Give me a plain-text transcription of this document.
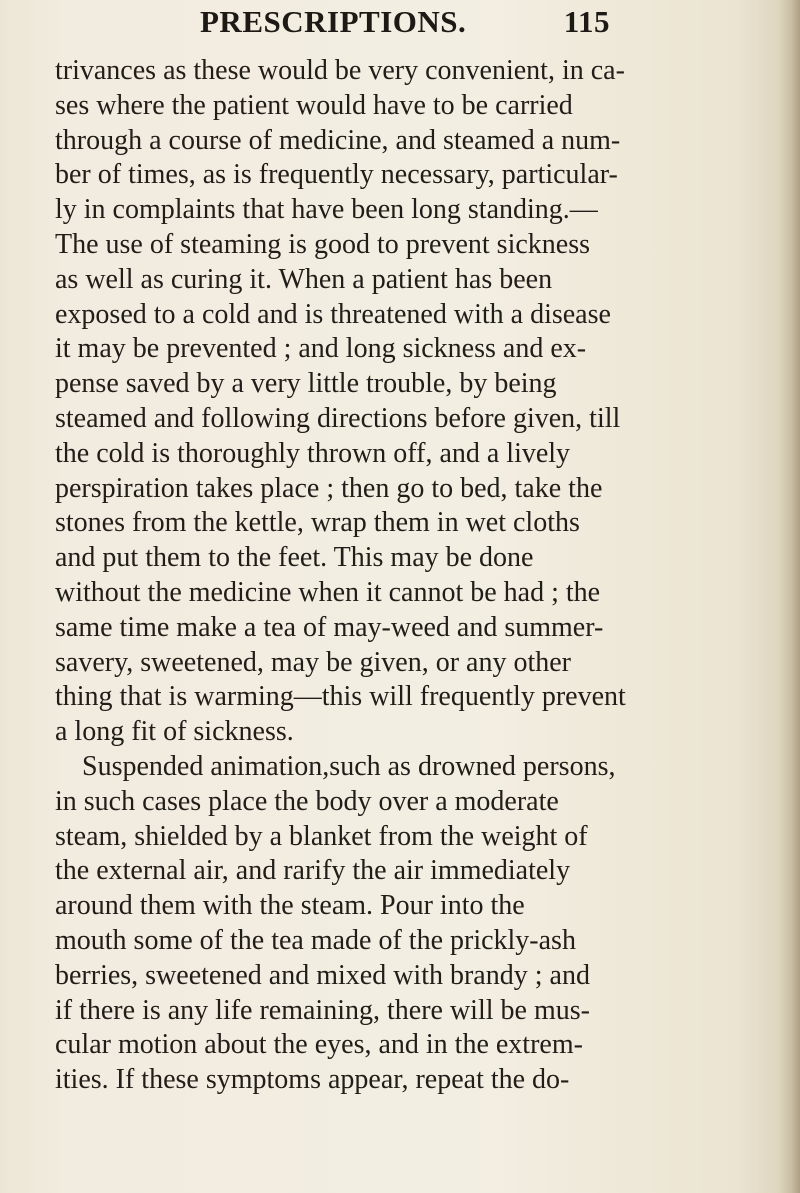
PRESCRIPTIONS.	115
trivances as these would be very convenient, in ca-
ses where the patient would have to be carried
through a course of medicine, and steamed a num-
ber of times, as is frequently necessary, particular-
ly in complaints that have been long standing.—
The use of steaming is good to prevent sickness
as well as curing it. When a patient has been
exposed to a cold and is threatened with a disease
it may be prevented ; and long sickness and ex-
pense saved by a very little trouble, by being
steamed and following directions before given, till
the cold is thoroughly thrown off, and a lively
perspiration takes place ; then go to bed, take the
stones from the kettle, wrap them in wet cloths
and put them to the feet. This may be done
without the medicine when it cannot be had ; the
same time make a tea of may-weed and summer-
savery, sweetened, may be given, or any other
thing that is warming—this will frequently prevent
a long fit of sickness.
Suspended animation,such as drowned persons,
in such cases place the body over a moderate
steam, shielded by a blanket from the weight of
the external air, and rarify the air immediately
around them with the steam. Pour into the
mouth some of the tea made of the prickly-ash
berries, sweetened and mixed with brandy ; and
if there is any life remaining, there will be mus-
cular motion about the eyes, and in the extrem-
ities. If these symptoms appear, repeat the do-
